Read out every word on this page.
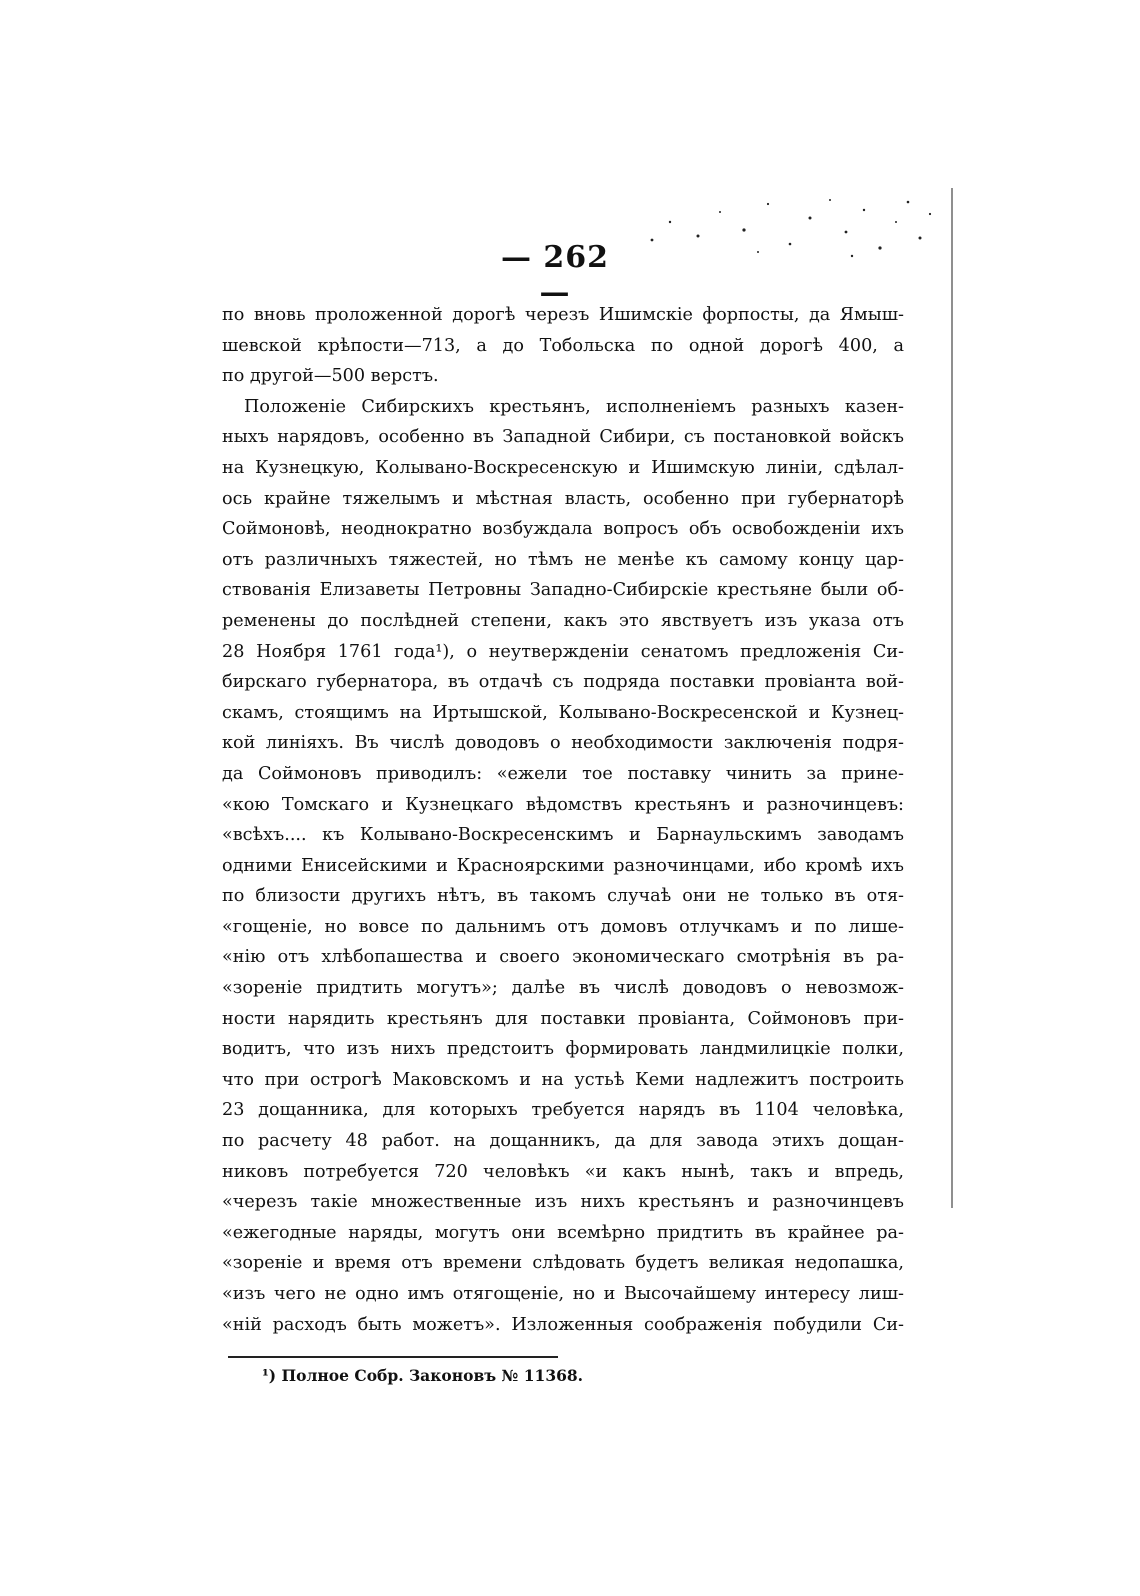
— 262 —
по вновь проложенной дорогѣ черезъ Ишимскіе форпосты, да Ямыш-
шевской крѣпости—713, а до Тобольска по одной дорогѣ 400, а
по другой—500 верстъ.
Положеніе Сибирскихъ крестьянъ, исполненіемъ разныхъ казен-
ныхъ нарядовъ, особенно въ Западной Сибири, съ постановкой войскъ
на Кузнецкую, Колывано-Воскресенскую и Ишимскую линіи, сдѣлал-
ось крайне тяжелымъ и мѣстная власть, особенно при губернаторѣ
Соймоновѣ, неоднократно возбуждала вопросъ объ освобожденіи ихъ
отъ различныхъ тяжестей, но тѣмъ не менѣе къ самому концу цар-
ствованія Елизаветы Петровны Западно-Сибирскіе крестьяне были об-
ременены до послѣдней степени, какъ это явствуетъ изъ указа отъ
28 Ноября 1761 года¹), о неутвержденіи сенатомъ предложенія Си-
бирскаго губернатора, въ отдачѣ съ подряда поставки провіанта вой-
скамъ, стоящимъ на Иртышской, Колывано-Воскресенской и Кузнец-
кой линіяхъ. Въ числѣ доводовъ о необходимости заключенія подря-
да Соймоновъ приводилъ: «ежели тое поставку чинить за прине-
«кою Томскаго и Кузнецкаго вѣдомствъ крестьянъ и разночинцевъ:
«всѣхъ.... къ Колывано-Воскресенскимъ и Барнаульскимъ заводамъ
одними Енисейскими и Красноярскими разночинцами, ибо кромѣ ихъ
по близости другихъ нѣтъ, въ такомъ случаѣ они не только въ отя-
«гощеніе, но вовсе по дальнимъ отъ домовъ отлучкамъ и по лише-
«нію отъ хлѣбопашества и своего экономическаго смотрѣнія въ ра-
«зореніе придтить могутъ»; далѣе въ числѣ доводовъ о невозмож-
ности нарядить крестьянъ для поставки провіанта, Соймоновъ при-
водитъ, что изъ нихъ предстоитъ формировать ландмилицкіе полки,
что при острогѣ Маковскомъ и на устьѣ Кеми надлежитъ построить
23 дощанника, для которыхъ требуется нарядъ въ 1104 человѣка,
по расчету 48 работ. на дощанникъ, да для завода этихъ дощан-
никовъ потребуется 720 человѣкъ «и какъ нынѣ, такъ и впредь,
«черезъ такіе множественные изъ нихъ крестьянъ и разночинцевъ
«ежегодные наряды, могутъ они всемѣрно придтить въ крайнее ра-
«зореніе и время отъ времени слѣдовать будетъ великая недопашка,
«изъ чего не одно имъ отягощеніе, но и Высочайшему интересу лиш-
«ній расходъ быть можетъ». Изложенныя соображенія побудили Си-
¹) Полное Собр. Законовъ № 11368.
